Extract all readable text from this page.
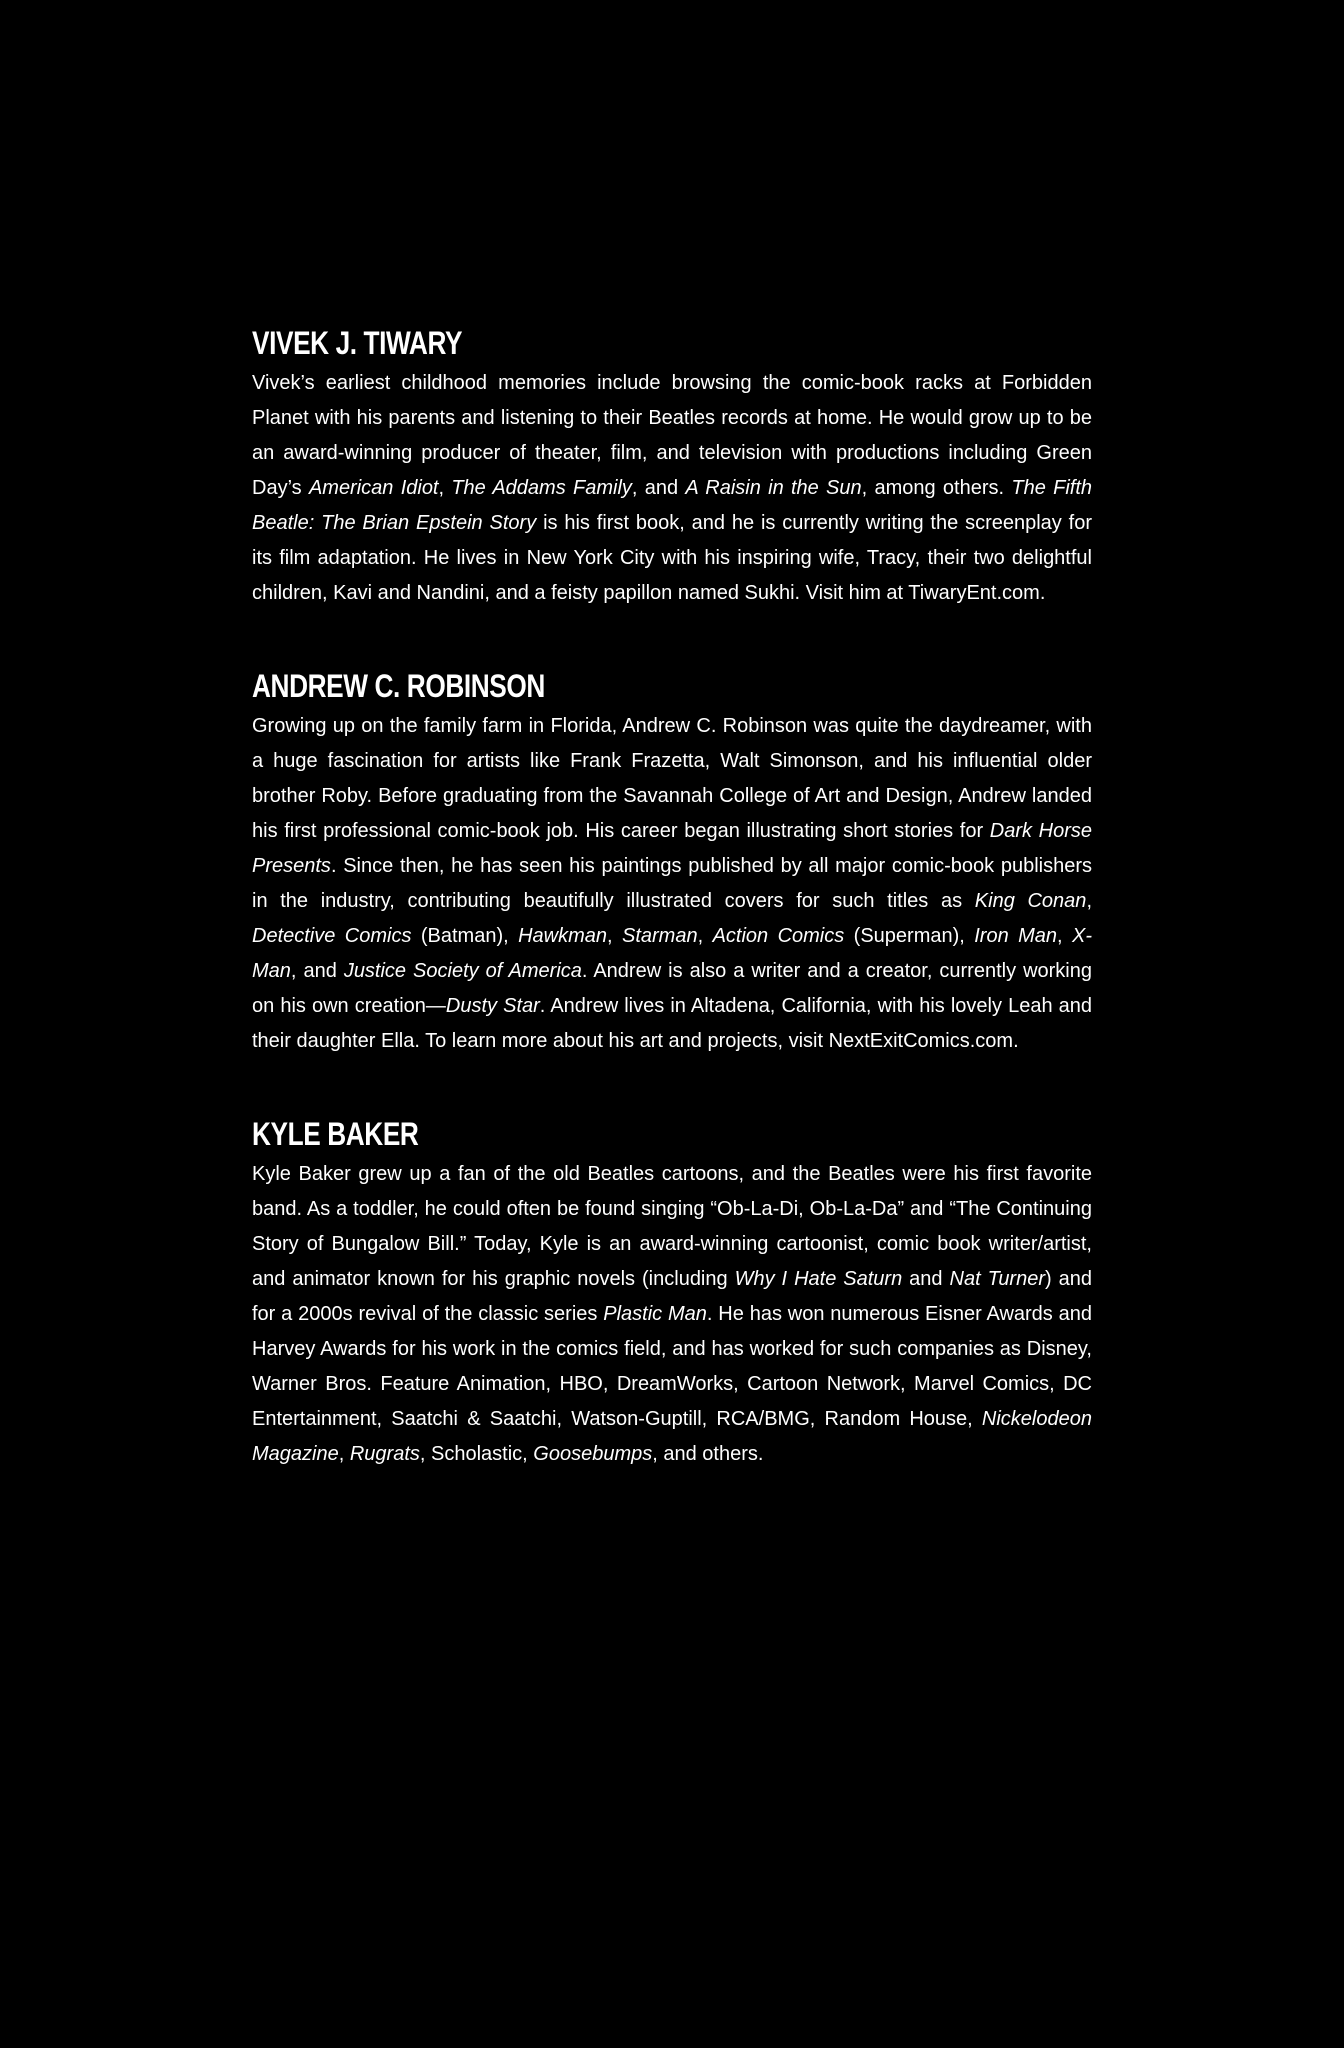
VIVEK J. TIWARY

Vivek’s earliest childhood memories include browsing the comic-book racks at Forbidden Planet with his parents and listening to their Beatles records at home. He would grow up to be an award-winning producer of theater, film, and television with productions including Green Day’s American Idiot, The Addams Family, and A Raisin in the Sun, among others. The Fifth Beatle: The Brian Epstein Story is his first book, and he is currently writing the screenplay for its film adaptation. He lives in New York City with his inspiring wife, Tracy, their two delightful children, Kavi and Nandini, and a feisty papillon named Sukhi. Visit him at TiwaryEnt.com.

ANDREW C. ROBINSON

Growing up on the family farm in Florida, Andrew C. Robinson was quite the daydreamer, with a huge fascination for artists like Frank Frazetta, Walt Simonson, and his influential older brother Roby. Before graduating from the Savannah College of Art and Design, Andrew landed his first professional comic-book job. His career began illustrating short stories for Dark Horse Presents. Since then, he has seen his paintings published by all major comic-book publishers in the industry, contributing beautifully illustrated covers for such titles as King Conan, Detective Comics (Batman), Hawkman, Starman, Action Comics (Superman), Iron Man, X-Man, and Justice Society of America. Andrew is also a writer and a creator, currently working on his own creation—Dusty Star. Andrew lives in Altadena, California, with his lovely Leah and their daughter Ella. To learn more about his art and projects, visit NextExitComics.com.

KYLE BAKER

Kyle Baker grew up a fan of the old Beatles cartoons, and the Beatles were his first favorite band. As a toddler, he could often be found singing “Ob-La-Di, Ob-La-Da” and “The Continuing Story of Bungalow Bill.” Today, Kyle is an award-winning cartoonist, comic book writer/artist, and animator known for his graphic novels (including Why I Hate Saturn and Nat Turner) and for a 2000s revival of the classic series Plastic Man. He has won numerous Eisner Awards and Harvey Awards for his work in the comics field, and has worked for such companies as Disney, Warner Bros. Feature Animation, HBO, DreamWorks, Cartoon Network, Marvel Comics, DC Entertainment, Saatchi & Saatchi, Watson-Guptill, RCA/BMG, Random House, Nickelodeon Magazine, Rugrats, Scholastic, Goosebumps, and others.
